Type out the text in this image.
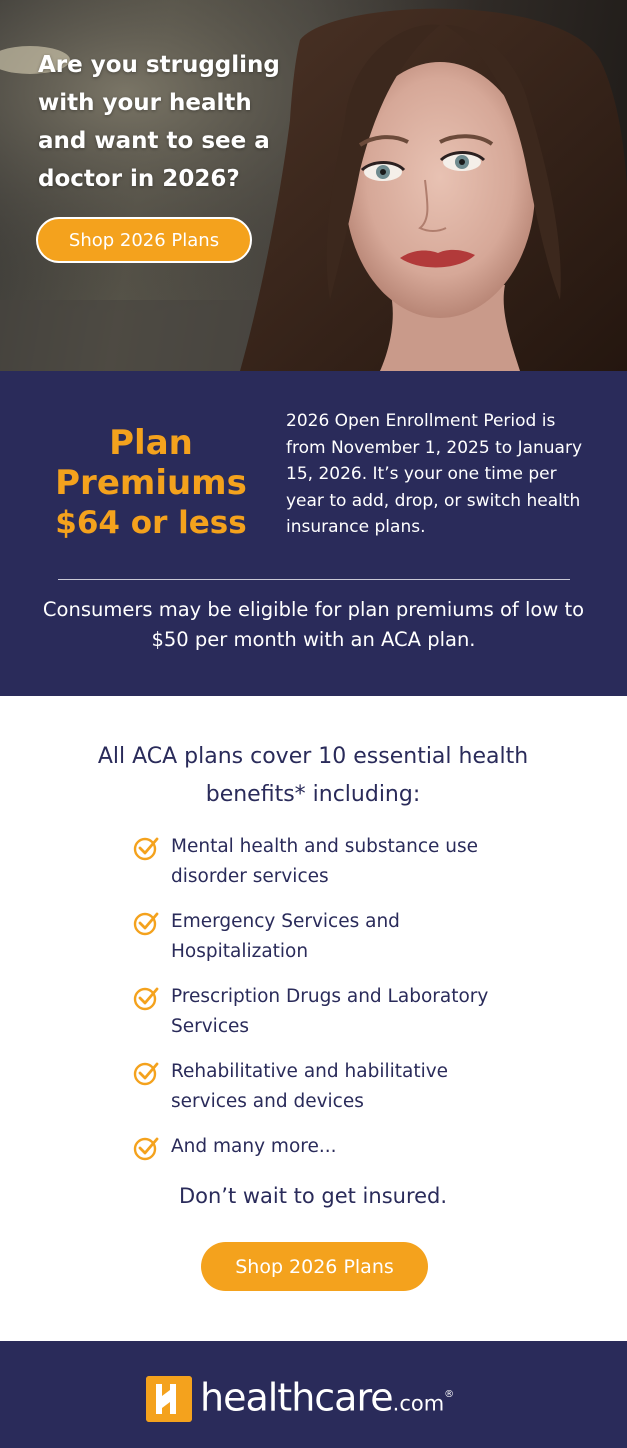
Are you struggling with your health and want to see a doctor in 2026?
Shop 2026 Plans
Plan
Premiums
$64 or less
2026 Open Enrollment Period is from November 1, 2025 to January 15, 2026. It’s your one time per year to add, drop, or switch health insurance plans.
Consumers may be eligible for plan premiums of low to $50 per month with an ACA plan.
All ACA plans cover 10 essential health benefits* including:
Mental health and substance use disorder services
Emergency Services and Hospitalization
Prescription Drugs and Laboratory Services
Rehabilitative and habilitative services and devices
And many more...
Don’t wait to get insured.
Shop 2026 Plans
healthcare.com®
